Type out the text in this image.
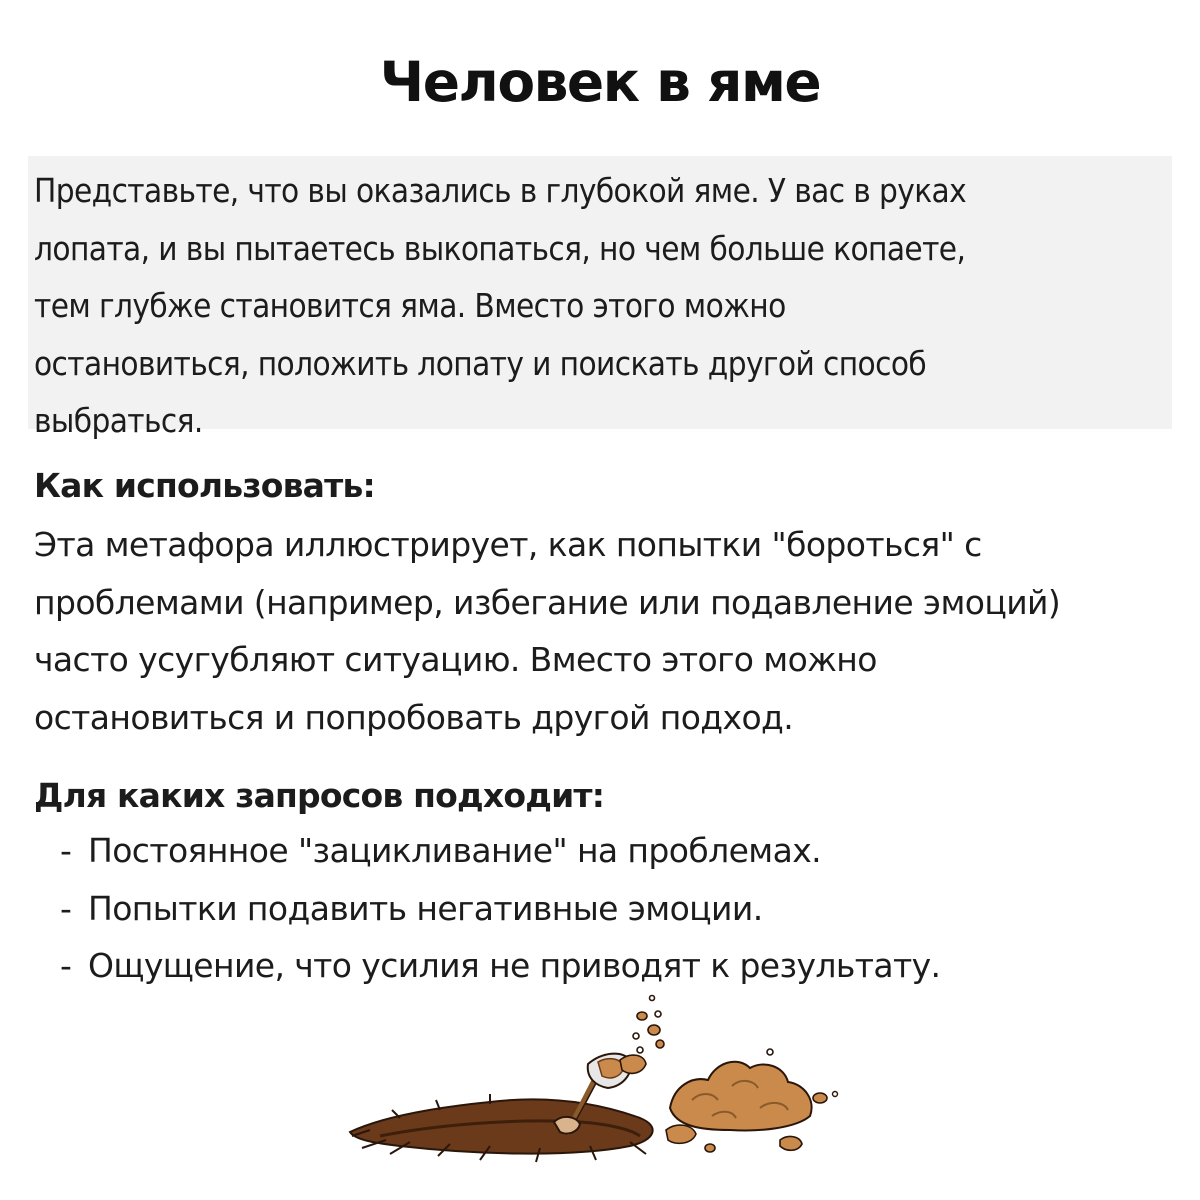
Человек в яме
Представьте, что вы оказались в глубокой яме. У вас в руках
лопата, и вы пытаетесь выкопаться, но чем больше копаете,
тем глубже становится яма. Вместо этого можно
остановиться, положить лопату и поискать другой способ
выбраться.
Как использовать:
Эта метафора иллюстрирует, как попытки "бороться" с
проблемами (например, избегание или подавление эмоций)
часто усугубляют ситуацию. Вместо этого можно
остановиться и попробовать другой подход.
Для каких запросов подходит:
- Постоянное "зацикливание" на проблемах.
- Попытки подавить негативные эмоции.
- Ощущение, что усилия не приводят к результату.
